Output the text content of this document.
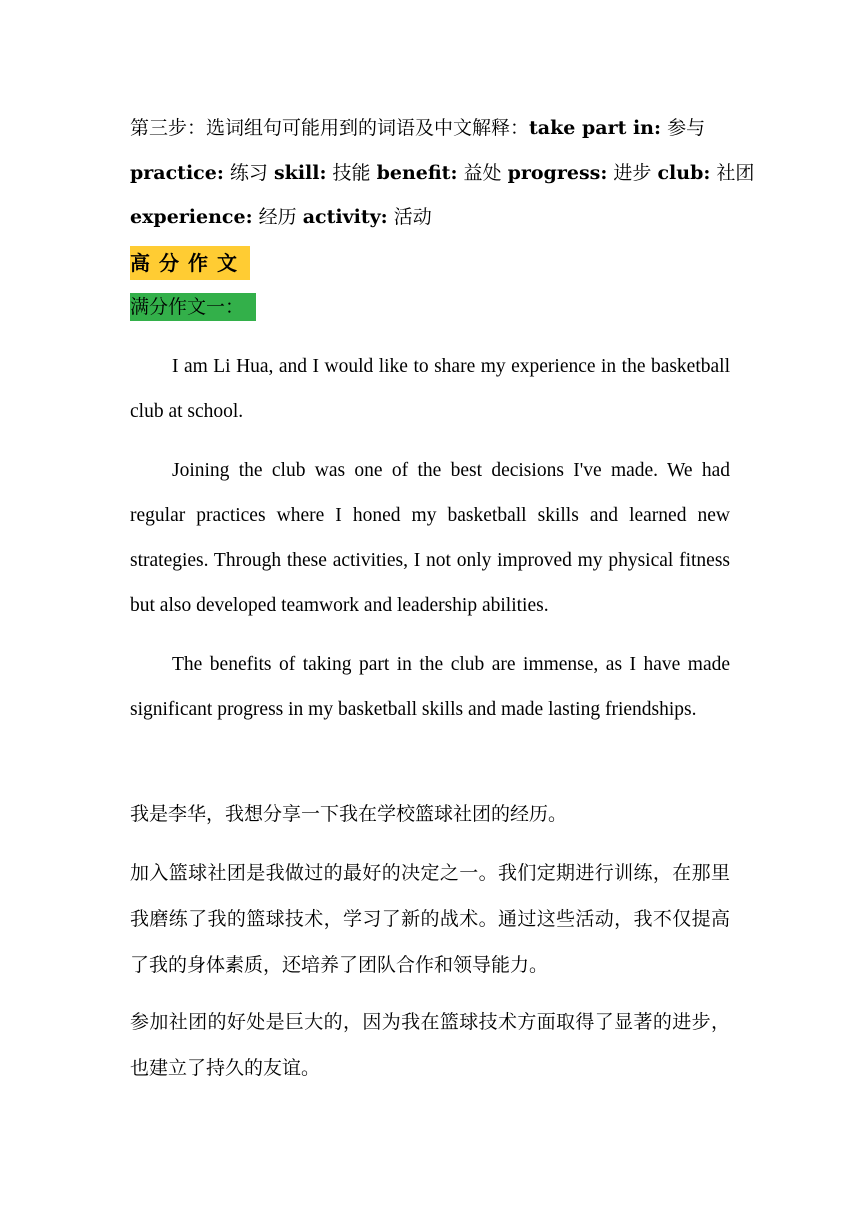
第三步：选词组句可能用到的词语及中文解释：take part in: 参与
practice: 练习 skill: 技能 benefit: 益处 progress: 进步 club: 社团
experience: 经历 activity: 活动
高分作文
满分作文一：
I am Li Hua, and I would like to share my experience in the basketball club at school.
Joining the club was one of the best decisions I've made. We had regular practices where I honed my basketball skills and learned new strategies. Through these activities, I not only improved my physical fitness but also developed teamwork and leadership abilities.
The benefits of taking part in the club are immense, as I have made significant progress in my basketball skills and made lasting friendships.
我是李华，我想分享一下我在学校篮球社团的经历。
加入篮球社团是我做过的最好的决定之一。我们定期进行训练，在那里我磨练了我的篮球技术，学习了新的战术。通过这些活动，我不仅提高了我的身体素质，还培养了团队合作和领导能力。
参加社团的好处是巨大的，因为我在篮球技术方面取得了显著的进步，也建立了持久的友谊。
